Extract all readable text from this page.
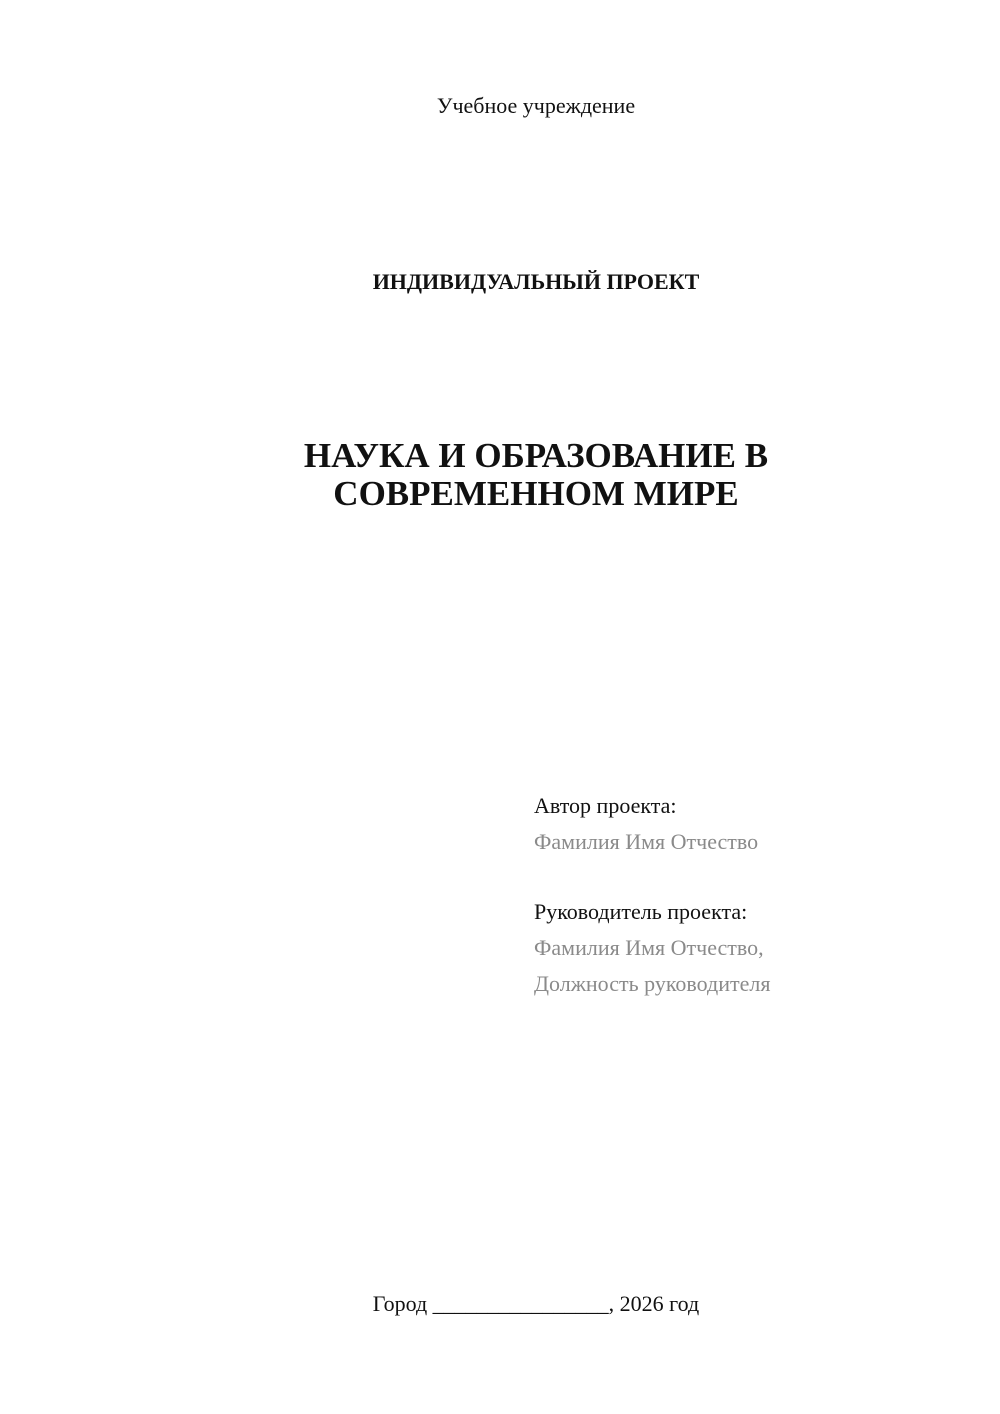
Учебное учреждение
ИНДИВИДУАЛЬНЫЙ ПРОЕКТ
НАУКА И ОБРАЗОВАНИЕ В
СОВРЕМЕННОМ МИРЕ
Автор проекта:
Фамилия Имя Отчество
Руководитель проекта:
Фамилия Имя Отчество,
Должность руководителя
Город ________________, 2026 год
